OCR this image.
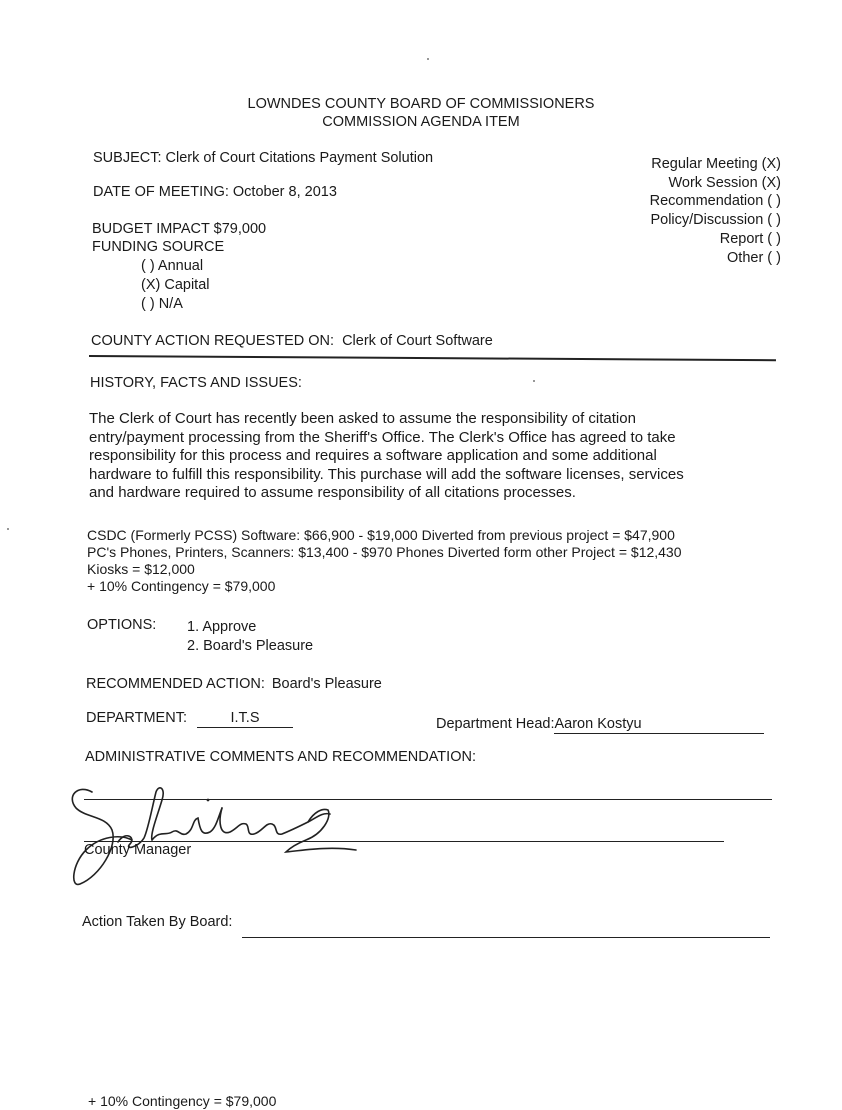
LOWNDES COUNTY BOARD OF COMMISSIONERS
COMMISSION AGENDA ITEM
SUBJECT: Clerk of Court Citations Payment Solution
DATE OF MEETING: October 8, 2013
BUDGET IMPACT $79,000
FUNDING SOURCE
( ) Annual
(X) Capital
( ) N/A
Regular Meeting (X)
Work Session (X)
Recommendation ( )
Policy/Discussion ( )
Report ( )
Other ( )
COUNTY ACTION REQUESTED ON: Clerk of Court Software
HISTORY, FACTS AND ISSUES:
The Clerk of Court has recently been asked to assume the responsibility of citation
entry/payment processing from the Sheriff's Office. The Clerk's Office has agreed to take
responsibility for this process and requires a software application and some additional
hardware to fulfill this responsibility. This purchase will add the software licenses, services
and hardware required to assume responsibility of all citations processes.
CSDC (Formerly PCSS) Software: $66,900 - $19,000 Diverted from previous project = $47,900
PC's Phones, Printers, Scanners: $13,400 - $970 Phones Diverted form other Project = $12,430
Kiosks = $12,000
+ 10% Contingency = $79,000
OPTIONS: 1. Approve
2. Board's Pleasure
RECOMMENDED ACTION: Board's Pleasure
DEPARTMENT:	I.T.S	Department Head:Aaron Kostyu
ADMINISTRATIVE COMMENTS AND RECOMMENDATION:
County Manager
Action Taken By Board:
+ 10% Contingency = $79,000
